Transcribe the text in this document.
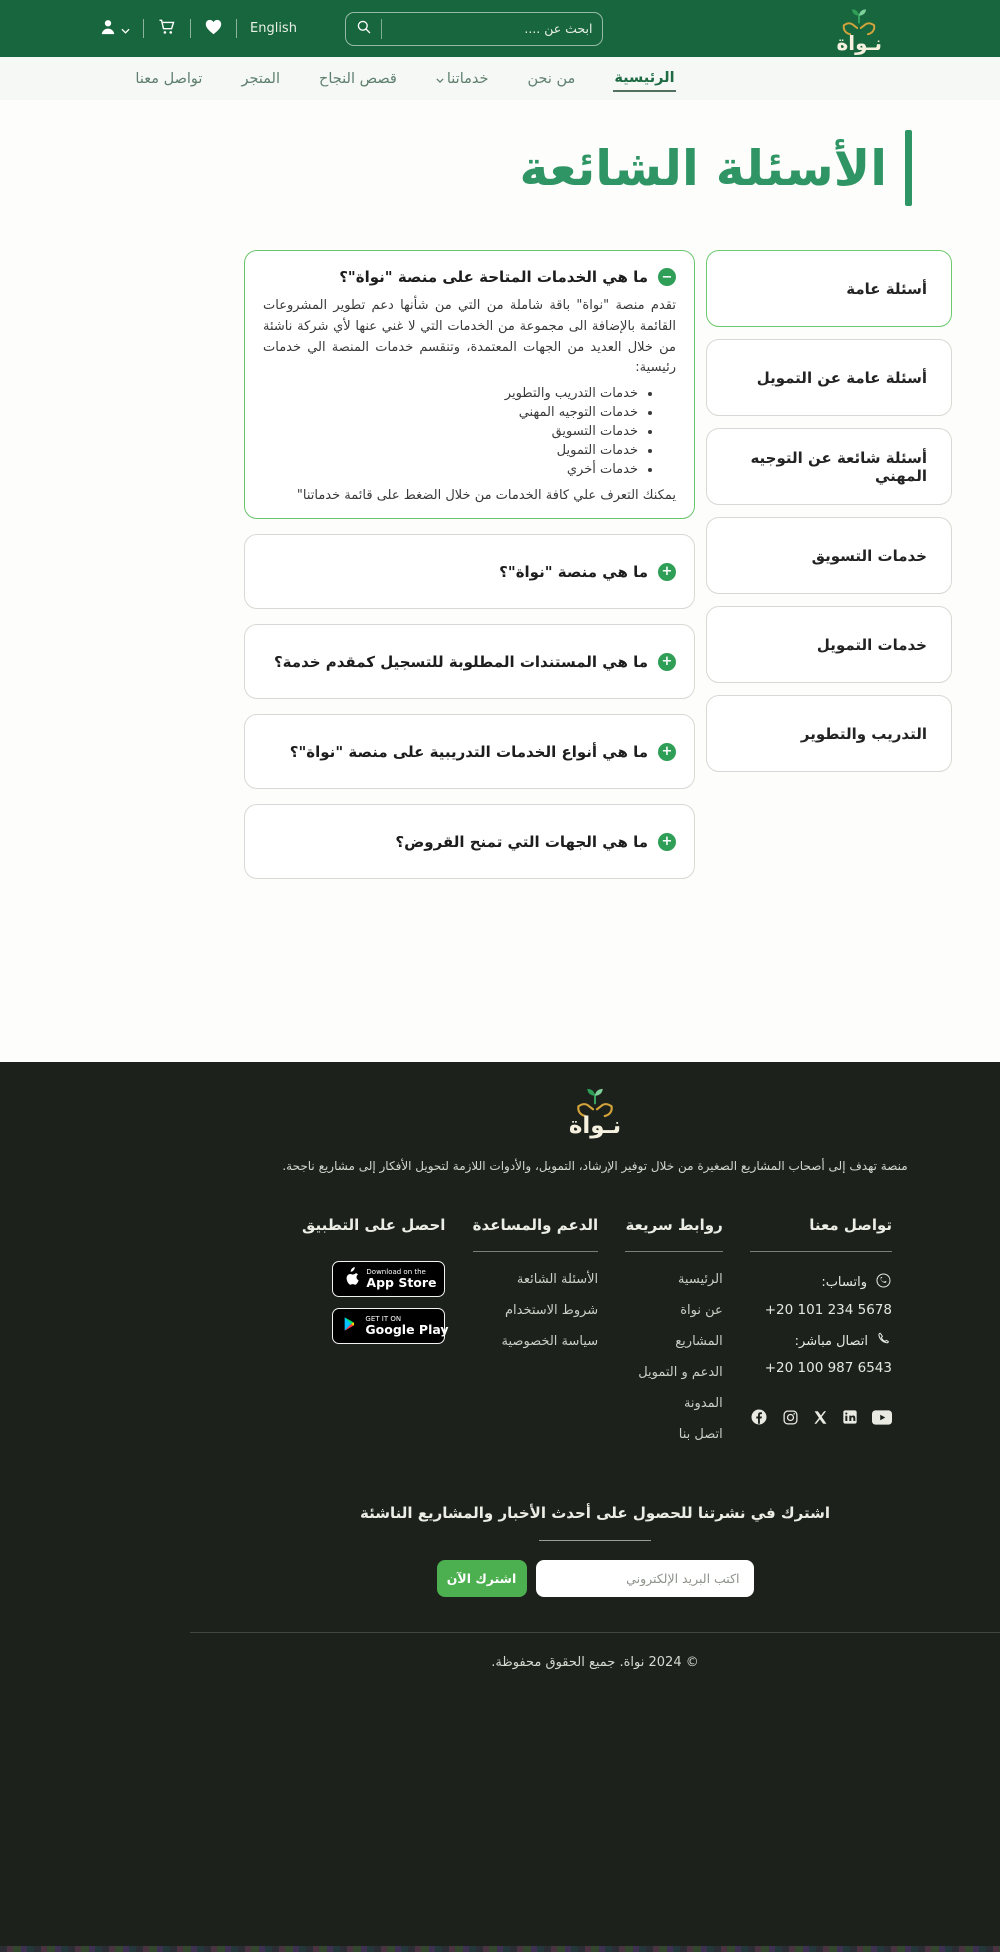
نـواة
ابحث عن ....
English
الرئيسية
من نحن
خدماتنا
قصص النجاح
المتجر
تواصل معنا
الأسئلة الشائعة
أسئلة عامة
أسئلة عامة عن التمويل
أسئلة شائعة عن التوجيه المهني
خدمات التسويق
خدمات التمويل
التدريب والتطوير
−
ما هي الخدمات المتاحة على منصة "نواة"؟
تقدم منصة "نواة" باقة شاملة من التي من شأنها دعم تطوير المشروعات القائمة بالإضافة الى مجموعة من الخدمات التي لا غني عنها لأي شركة ناشئة من خلال العديد من الجهات المعتمدة، وتنقسم خدمات المنصة الي خدمات رئيسية:
• خدمات التدريب والتطوير
• خدمات التوجيه المهني
• خدمات التسويق
• خدمات التمويل
• خدمات أخري
يمكنك التعرف علي كافة الخدمات من خلال الضغط على قائمة خدماتنا"
+
ما هي منصة "نواة"؟
+
ما هي المستندات المطلوبة للتسجيل كمقدم خدمة؟
+
ما هي أنواع الخدمات التدريبية على منصة "نواة"؟
+
ما هي الجهات التي تمنح القروض؟
نـواة
منصة تهدف إلى أصحاب المشاريع الصغيرة من خلال توفير الإرشاد، التمويل، والأدوات اللازمة لتحويل الأفكار إلى مشاريع ناجحة.
تواصل معنا
واتساب:
+20 101 234 5678
اتصال مباشر:
+20 100 987 6543
روابط سريعة
الرئيسية
عن نواة
المشاريع
الدعم و التمويل
المدونة
اتصل بنا
الدعم والمساعدة
الأسئلة الشائعة
شروط الاستخدام
سياسة الخصوصية
احصل على التطبيق
Download on the
App Store
GET IT ON
Google Play
اشترك في نشرتنا للحصول على أحدث الأخبار والمشاريع الناشئة
اكتب البريد الإلكتروني
اشترك الآن
© 2024 نواة. جميع الحقوق محفوظة.
